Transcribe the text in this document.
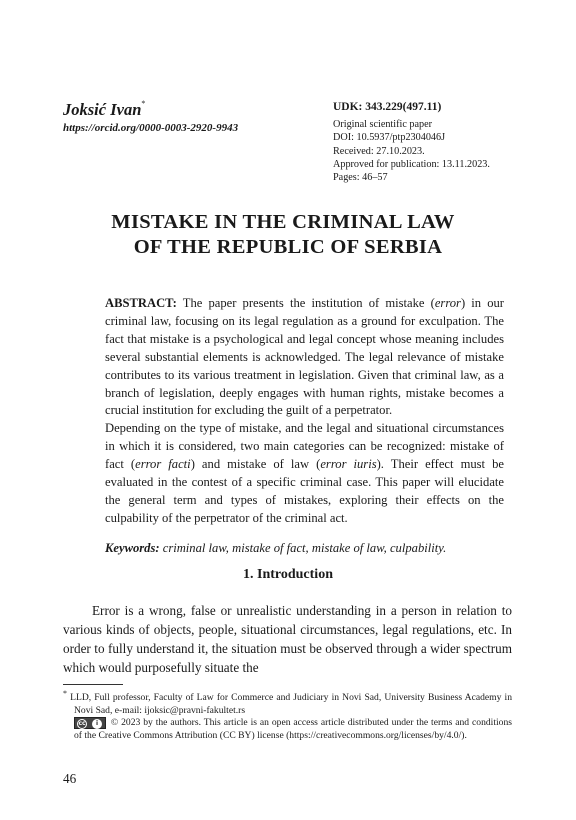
Joksić Ivan*
https://orcid.org/0000-0003-2920-9943
UDK: 343.229(497.11)
Original scientific paper
DOI: 10.5937/ptp2304046J
Received: 27.10.2023.
Approved for publication: 13.11.2023.
Pages: 46–57
MISTAKE IN THE CRIMINAL LAW
OF THE REPUBLIC OF SERBIA

ABSTRACT: The paper presents the institution of mistake (error) in our criminal law, focusing on its legal regulation as a ground for exculpation. The fact that mistake is a psychological and legal concept whose meaning includes several substantial elements is acknowledged. The legal relevance of mistake contributes to its various treatment in legislation. Given that criminal law, as a branch of legislation, deeply engages with human rights, mistake becomes a crucial institution for excluding the guilt of a perpetrator.

Depending on the type of mistake, and the legal and situational circumstances in which it is considered, two main categories can be recognized: mistake of fact (error facti) and mistake of law (error iuris). Their effect must be evaluated in the contest of a specific criminal case. This paper will elucidate the general term and types of mistakes, exploring their effects on the culpability of the perpetrator of the criminal act.

Keywords: criminal law, mistake of fact, mistake of law, culpability.
1. Introduction

Error is a wrong, false or unrealistic understanding in a person in relation to various kinds of objects, people, situational circumstances, legal regulations, etc. In order to fully understand it, the situation must be observed through a wider spectrum which would purposefully situate the

* LLD, Full professor, Faculty of Law for Commerce and Judiciary in Novi Sad, University Business Academy in Novi Sad, e-mail: ijoksic@pravni-fakultet.rs
cc	i	© 2023 by the authors. This article is an open access article distributed under the terms and conditions of the Creative Commons Attribution (CC BY) license (https://creativecommons.org/licenses/by/4.0/).
46
